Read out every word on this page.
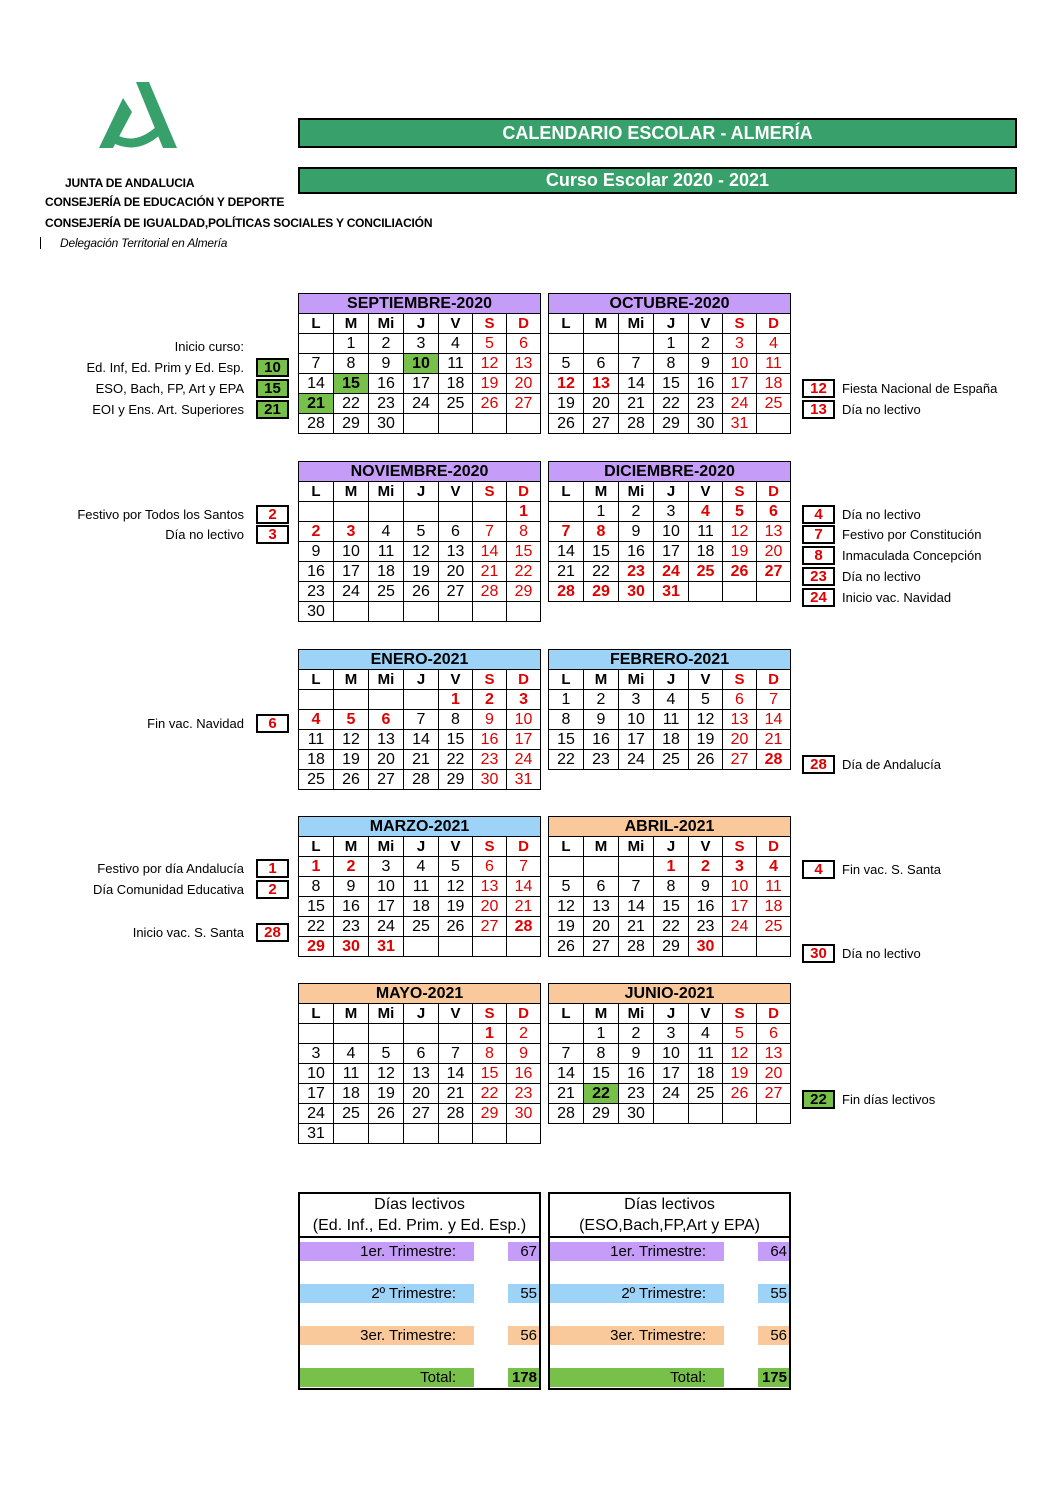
CALENDARIO ESCOLAR - ALMERÍA
Curso Escolar 2020 - 2021
JUNTA DE ANDALUCIA
CONSEJERÍA DE EDUCACIÓN Y DEPORTE
CONSEJERÍA DE IGUALDAD,POLÍTICAS SOCIALES Y CONCILIACIÓN
Delegación Territorial en Almería
SEPTIEMBRE-2020						
L	M	Mi	J	V	S	D
	1	2	3	4	5	6
7	8	9	10	11	12	13
14	15	16	17	18	19	20
21	22	23	24	25	26	27
28	29	30				
OCTUBRE-2020						
L	M	Mi	J	V	S	D
			1	2	3	4
5	6	7	8	9	10	11
12	13	14	15	16	17	18
19	20	21	22	23	24	25
26	27	28	29	30	31	
NOVIEMBRE-2020						
L	M	Mi	J	V	S	D
						1
2	3	4	5	6	7	8
9	10	11	12	13	14	15
16	17	18	19	20	21	22
23	24	25	26	27	28	29
30						
DICIEMBRE-2020						
L	M	Mi	J	V	S	D
	1	2	3	4	5	6
7	8	9	10	11	12	13
14	15	16	17	18	19	20
21	22	23	24	25	26	27
28	29	30	31			
ENERO-2021						
L	M	Mi	J	V	S	D
				1	2	3
4	5	6	7	8	9	10
11	12	13	14	15	16	17
18	19	20	21	22	23	24
25	26	27	28	29	30	31
FEBRERO-2021						
L	M	Mi	J	V	S	D
1	2	3	4	5	6	7
8	9	10	11	12	13	14
15	16	17	18	19	20	21
22	23	24	25	26	27	28
MARZO-2021						
L	M	Mi	J	V	S	D
1	2	3	4	5	6	7
8	9	10	11	12	13	14
15	16	17	18	19	20	21
22	23	24	25	26	27	28
29	30	31				
ABRIL-2021						
L	M	Mi	J	V	S	D
			1	2	3	4
5	6	7	8	9	10	11
12	13	14	15	16	17	18
19	20	21	22	23	24	25
26	27	28	29	30		
MAYO-2021						
L	M	Mi	J	V	S	D
					1	2
3	4	5	6	7	8	9
10	11	12	13	14	15	16
17	18	19	20	21	22	23
24	25	26	27	28	29	30
31						
JUNIO-2021						
L	M	Mi	J	V	S	D
	1	2	3	4	5	6
7	8	9	10	11	12	13
14	15	16	17	18	19	20
21	22	23	24	25	26	27
28	29	30				
Inicio curso:
Ed. Inf, Ed. Prim y Ed. Esp.	10
ESO, Bach, FP, Art y EPA	15
EOI y Ens. Art. Superiores	21
Festivo por Todos los Santos	2
Día no lectivo	3
Fin vac. Navidad	6
Festivo por día Andalucía	1
Día Comunidad Educativa	2
Inicio vac. S. Santa	28
12	Fiesta Nacional de España
13	Día no lectivo
4	Día no lectivo
7	Festivo por Constitución
8	Inmaculada Concepción
23	Día no lectivo
24	Inicio vac. Navidad
28	Día de Andalucía
4	Fin vac. S. Santa
30	Día no lectivo
22	Fin días lectivos
Días lectivos
(Ed. Inf., Ed. Prim. y Ed. Esp.)
1er. Trimestre:	67
2º Trimestre:	55
3er. Trimestre:	56
Total:	178
Días lectivos
(ESO,Bach,FP,Art y EPA)
1er. Trimestre:	64
2º Trimestre:	55
3er. Trimestre:	56
Total:	175
